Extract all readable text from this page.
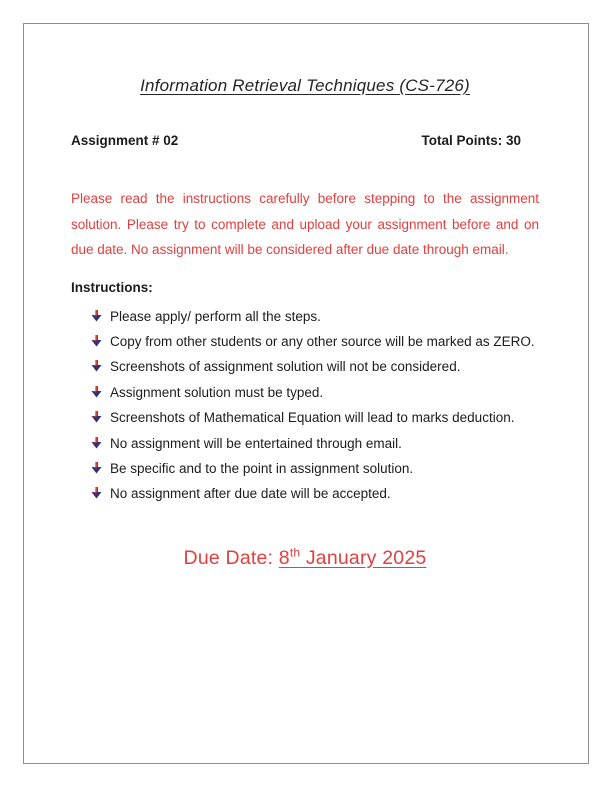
Information Retrieval Techniques (CS-726)
Assignment # 02	Total Points: 30

Please read the instructions carefully before stepping to the assignment solution. Please try to complete and upload your assignment before and on due date. No assignment will be considered after due date through email.

Instructions:
Please apply/ perform all the steps.
Copy from other students or any other source will be marked as ZERO.
Screenshots of assignment solution will not be considered.
Assignment solution must be typed.
Screenshots of Mathematical Equation will lead to marks deduction.
No assignment will be entertained through email.
Be specific and to the point in assignment solution.
No assignment after due date will be accepted.
Due Date: 8th January 2025
